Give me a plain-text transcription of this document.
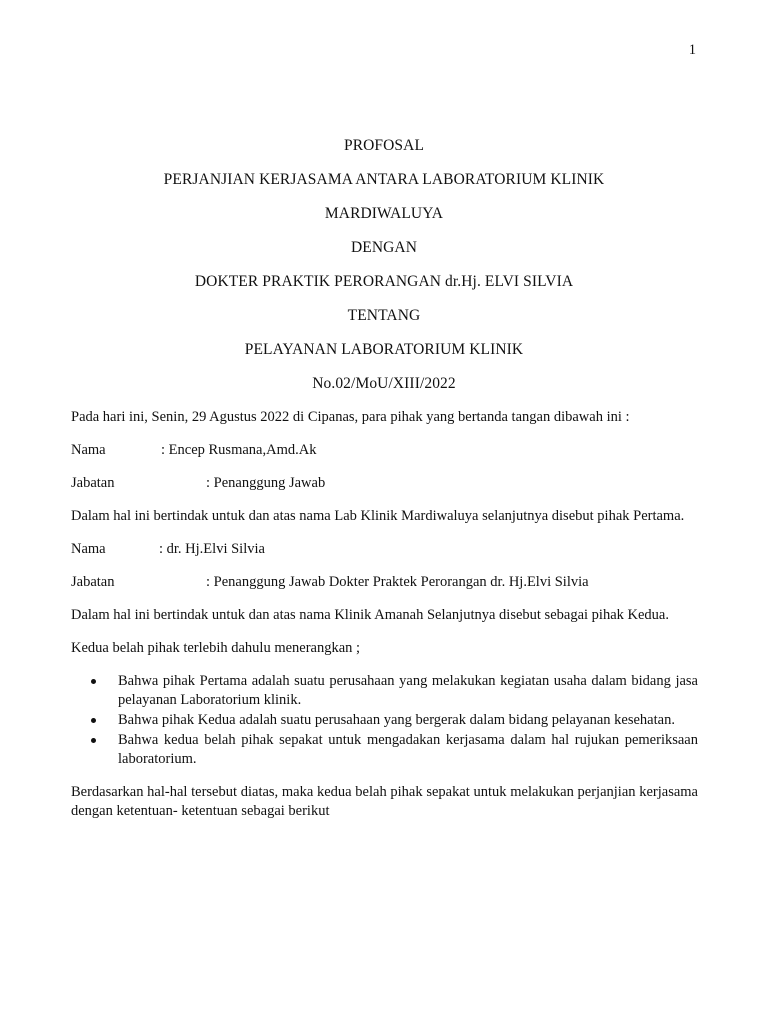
1
PROFOSAL
PERJANJIAN KERJASAMA ANTARA LABORATORIUM KLINIK
MARDIWALUYA
DENGAN
DOKTER PRAKTIK PERORANGAN dr.Hj. ELVI SILVIA
TENTANG
PELAYANAN LABORATORIUM KLINIK
No.02/MoU/XIII/2022

Pada hari ini, Senin, 29 Agustus 2022 di Cipanas, para pihak yang bertanda tangan dibawah ini :

Nama	: Encep Rusmana,Amd.Ak
Jabatan	: Penanggung Jawab

Dalam hal ini bertindak untuk dan atas nama Lab Klinik Mardiwaluya selanjutnya disebut pihak Pertama.

Nama	: dr. Hj.Elvi Silvia
Jabatan	: Penanggung Jawab Dokter Praktek Perorangan dr. Hj.Elvi Silvia

Dalam hal ini bertindak untuk dan atas nama Klinik Amanah Selanjutnya disebut sebagai pihak Kedua.

Kedua belah pihak terlebih dahulu menerangkan ;

Bahwa pihak Pertama adalah suatu perusahaan yang melakukan kegiatan usaha dalam bidang jasa pelayanan Laboratorium klinik.
Bahwa pihak Kedua adalah suatu perusahaan yang bergerak dalam bidang pelayanan kesehatan.
Bahwa kedua belah pihak sepakat untuk mengadakan kerjasama dalam hal rujukan pemeriksaan laboratorium.

Berdasarkan hal-hal tersebut diatas, maka kedua belah pihak sepakat untuk melakukan perjanjian kerjasama dengan ketentuan- ketentuan sebagai berikut
